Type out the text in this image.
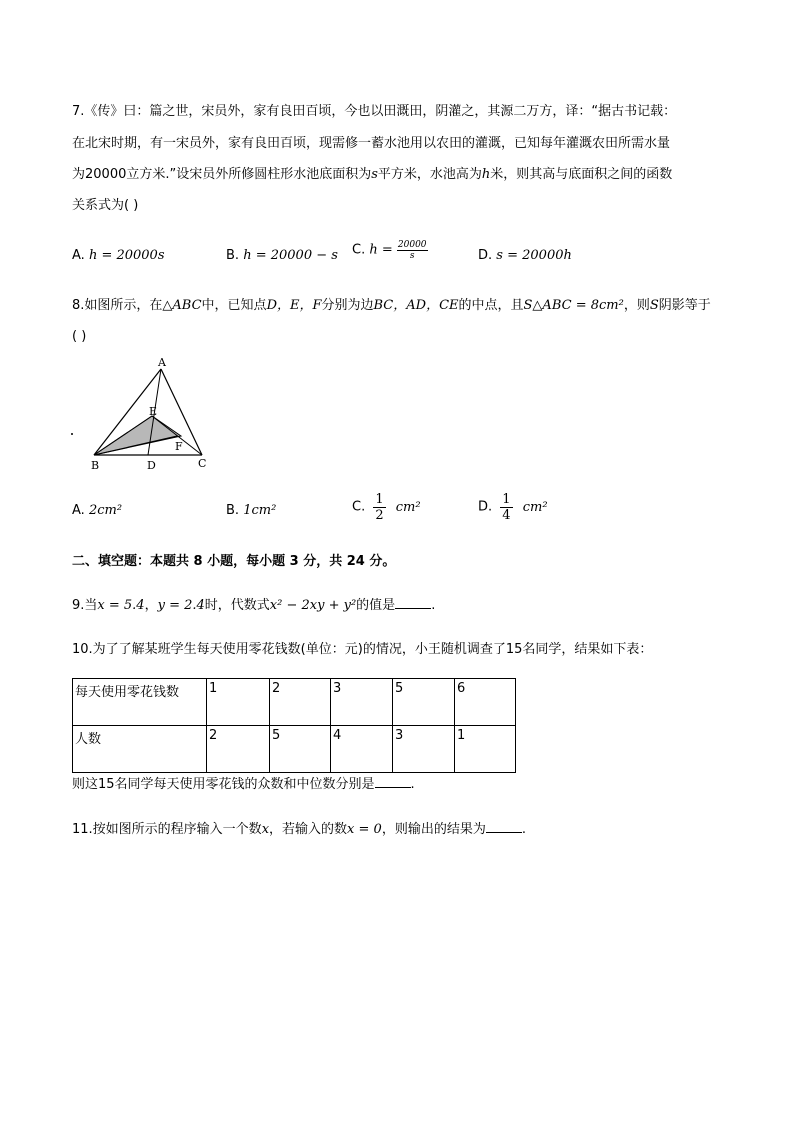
7.《传》曰：篇之世，宋员外，家有良田百顷，今也以田溉田，阴灌之，其源二万方，译：“据古书记载：
在北宋时期，有一宋员外，家有良田百顷，现需修一蓄水池用以农田的灌溉，已知每年灌溉农田所需水量
为20000立方米.”设宋员外所修圆柱形水池底面积为s平方米，水池高为h米，则其高与底面积之间的函数
关系式为( )
A. h = 20000s	B. h = 20000 − s C. $h = \frac{20000}{s}$	D. s = 20000h
8.如图所示，在△ABC中，已知点D，E，F分别为边BC，AD，CE的中点，且S△ABC = 8cm²，则S阴影等于
( )
A
E
F
B	D	C
A. 2cm²	B. 1cm²	C. $\frac{1}{2} cm^2$	D. $\frac{1}{4} cm^2$
二、填空题：本题共 8 小题，每小题 3 分，共 24 分。
9.当x = 5.4，y = 2.4时，代数式x² − 2xy + y²的值是	.
10.为了了解某班学生每天使用零花钱数(单位：元)的情况，小王随机调查了15名同学，结果如下表：
每天使用零花钱数	1	2	3	5	6
人数	2	5	4	3	1
则这15名同学每天使用零花钱的众数和中位数分别是	.
11.按如图所示的程序输入一个数x，若输入的数x = 0，则输出的结果为	.
